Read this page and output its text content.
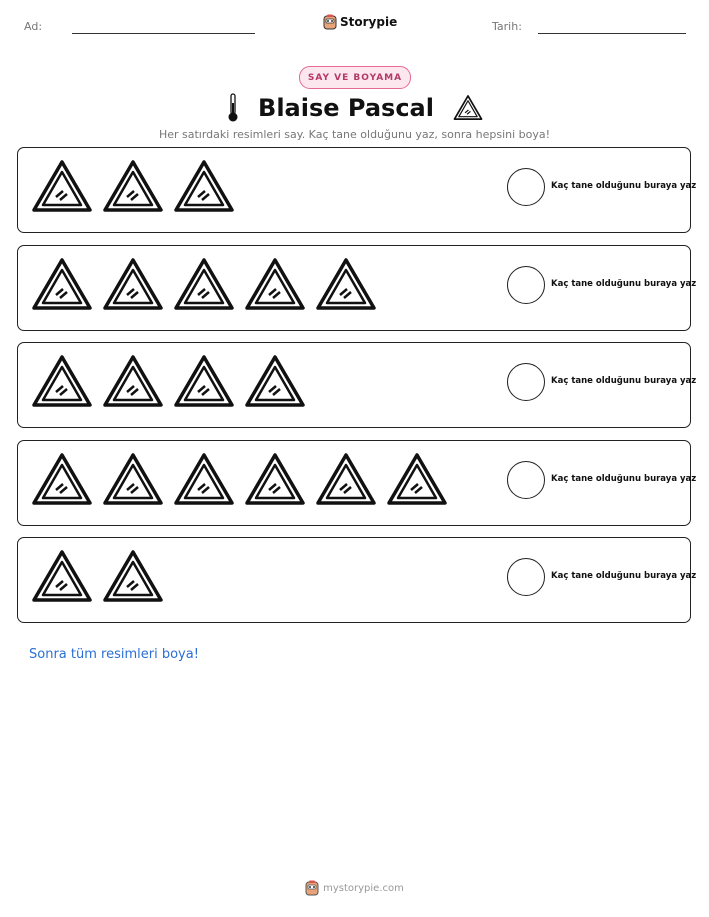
Ad:	Storypie	Tarih:
SAY VE BOYAMA
Blaise Pascal
Her satırdaki resimleri say. Kaç tane olduğunu yaz, sonra hepsini boya!
Kaç tane olduğunu buraya yaz
Kaç tane olduğunu buraya yaz
Kaç tane olduğunu buraya yaz
Kaç tane olduğunu buraya yaz
Kaç tane olduğunu buraya yaz
Sonra tüm resimleri boya!
mystorypie.com
